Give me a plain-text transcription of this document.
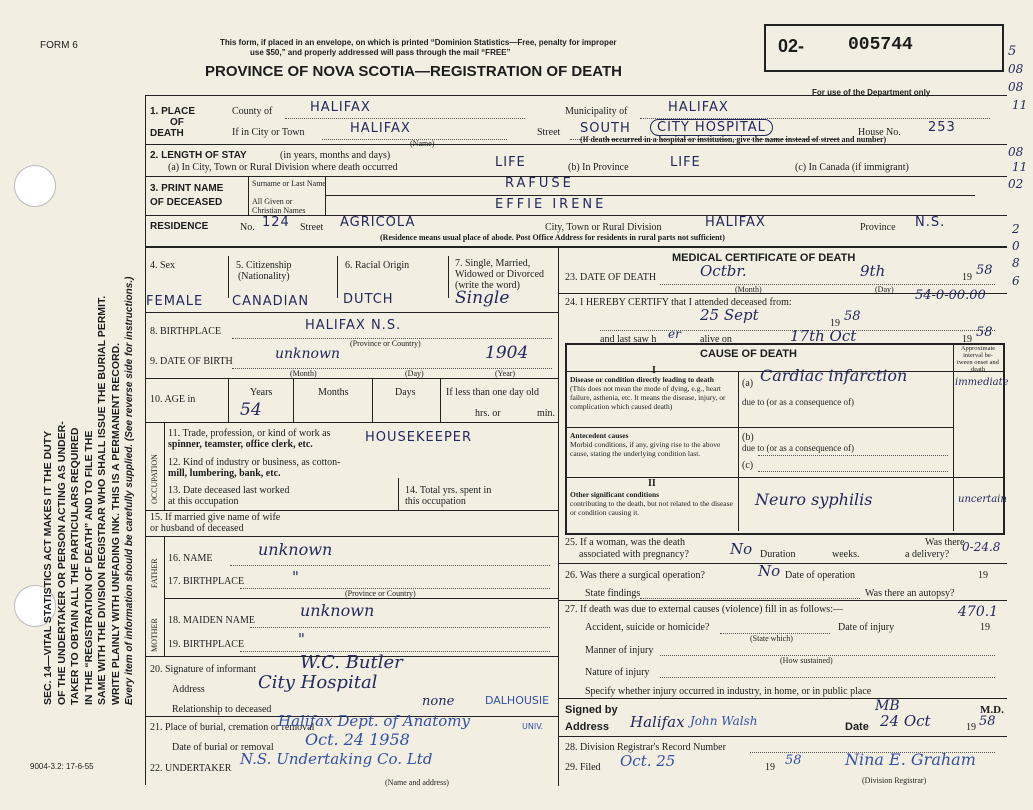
FORM 6	This form, if placed in an envelope, on which is printed “Dominion Statistics—Free, penalty for improper
use $50,” and properly addressed will pass through the mail “FREE”
PROVINCE OF NOVA SCOTIA—REGISTRATION OF DEATH
02- 005744
For use of the Department only
9004-3.2: 17-6-55
SEC. 14—VITAL STATISTICS ACT MAKES IT THE DUTY OF THE UNDERTAKER OR PERSON ACTING AS UNDER- TAKER TO OBTAIN ALL THE PARTICULARS REQUIRED IN THE “REGISTRATION OF DEATH” AND TO FILE THE SAME WITH THE DIVISION REGISTRAR WHO SHALL ISSUE THE BURIAL PERMIT. WRITE PLAINLY WITH UNFADING INK. THIS IS A PERMANENT RECORD. Every item of information should be carefully supplied. (See reverse side for instructions.)
5
08
08
11
08
11
02
2
0
8
6
1. PLACE
OF
DEATH
County of	HALIFAX	Municipality of	HALIFAX
If in City or Town	HALIFAX
(Name)
Street SOUTH	CITY HOSPITAL	House No. 253
(If death occurred in a hospital or institution, give the name instead of street and number)
2. LENGTH OF STAY	(in years, months and days)
(a) In City, Town or Rural Division where death occurred	LIFE	(b) In Province	LIFE	(c) In Canada (if immigrant)
3. PRINT NAME
OF DECEASED
Surname or Last Name
All Given or Christian Names
RAFUSE
EFFIE IRENE
RESIDENCE	No. 124 Street AGRICOLA	City, Town or Rural Division	HALIFAX	Province N.S.
(Residence means usual place of abode. Post Office Address for residents in rural parts not sufficient)
4. Sex	5. Citizenship
(Nationality)
6. Racial Origin	7. Single, Married, Widowed or Divorced
(write the word)
FEMALE CANADIAN	DUTCH	Single
8. BIRTHPLACE	HALIFAX N.S.
(Province or Country)
9. DATE OF BIRTH	unknown	1904
(Month)	(Day)	(Year)
10. AGE in
Years	Months	Days	If less than one day old
54	hrs. or	min.
OCCUPATION
11. Trade, profession, or kind of work as
spinner, teamster, office clerk, etc.	HOUSEKEEPER
12. Kind of industry or business, as cotton-
mill, lumbering, bank, etc.
13. Date deceased last worked
at this occupation
14. Total yrs. spent in
this occupation
15. If married give name of wife
or husband of deceased
FATHER
MOTHER
16. NAME	unknown
17. BIRTHPLACE	"
(Province or Country)
18. MAIDEN NAME
unknown
19. BIRTHPLACE	"
20. Signature of informant W.C. Butler
Address	City Hospital
Relationship to deceased
none	DALHOUSIE
21. Place of burial, cremation or removal
Halifax Dept. of Anatomy	UNIV.
Date of burial or removal Oct. 24 1958
22. UNDERTAKER
N.S. Undertaking Co. Ltd
(Name and address)
MEDICAL CERTIFICATE OF DEATH
23. DATE OF DEATH	Octbr.	9th	19 58
(Month)	(Day)
24. I HEREBY CERTIFY that I attended deceased from:	54-0-00.00
25 Sept	19 58
and last saw h er alive on	17th Oct	19 58
CAUSE OF DEATH
I
Approximate interval be-tween onset and death
Disease or condition directly leading to death
(This does not mean the mode of dying, e.g., heart failure, asthenia, etc. It means the disease, injury, or complication which caused death)
(a) Cardiac infarction	immediate
due to (or as a consequence of)
Antecedent causes
Morbid conditions, if any, giving rise to the above cause, stating the underlying condition last.
(b)
due to (or as a consequence of)
(c)
II
Other significant conditions
contributing to the death, but not related to the disease or condition causing it.
Neuro syphilis	uncertain
25. If a woman, was the death
associated with pregnancy?	No Duration	weeks.
Was there
a delivery?
0-24.8
26. Was there a surgical operation?	No Date of operation	19
State findings	Was there an autopsy?
27. If death was due to external causes (violence) fill in as follows:—	470.1
Accident, suicide or homicide?
(State which)
Date of injury	19
Manner of injury
(How sustained)
Nature of injury
Specify whether injury occurred in industry, in home, or in public place
Signed by	MB	M.D.
Address Halifax John Walsh	Date 24 Oct	19 58
28. Division Registrar's Record Number
29. Filed Oct. 25	19 58	Nina E. Graham
(Division Registrar)
